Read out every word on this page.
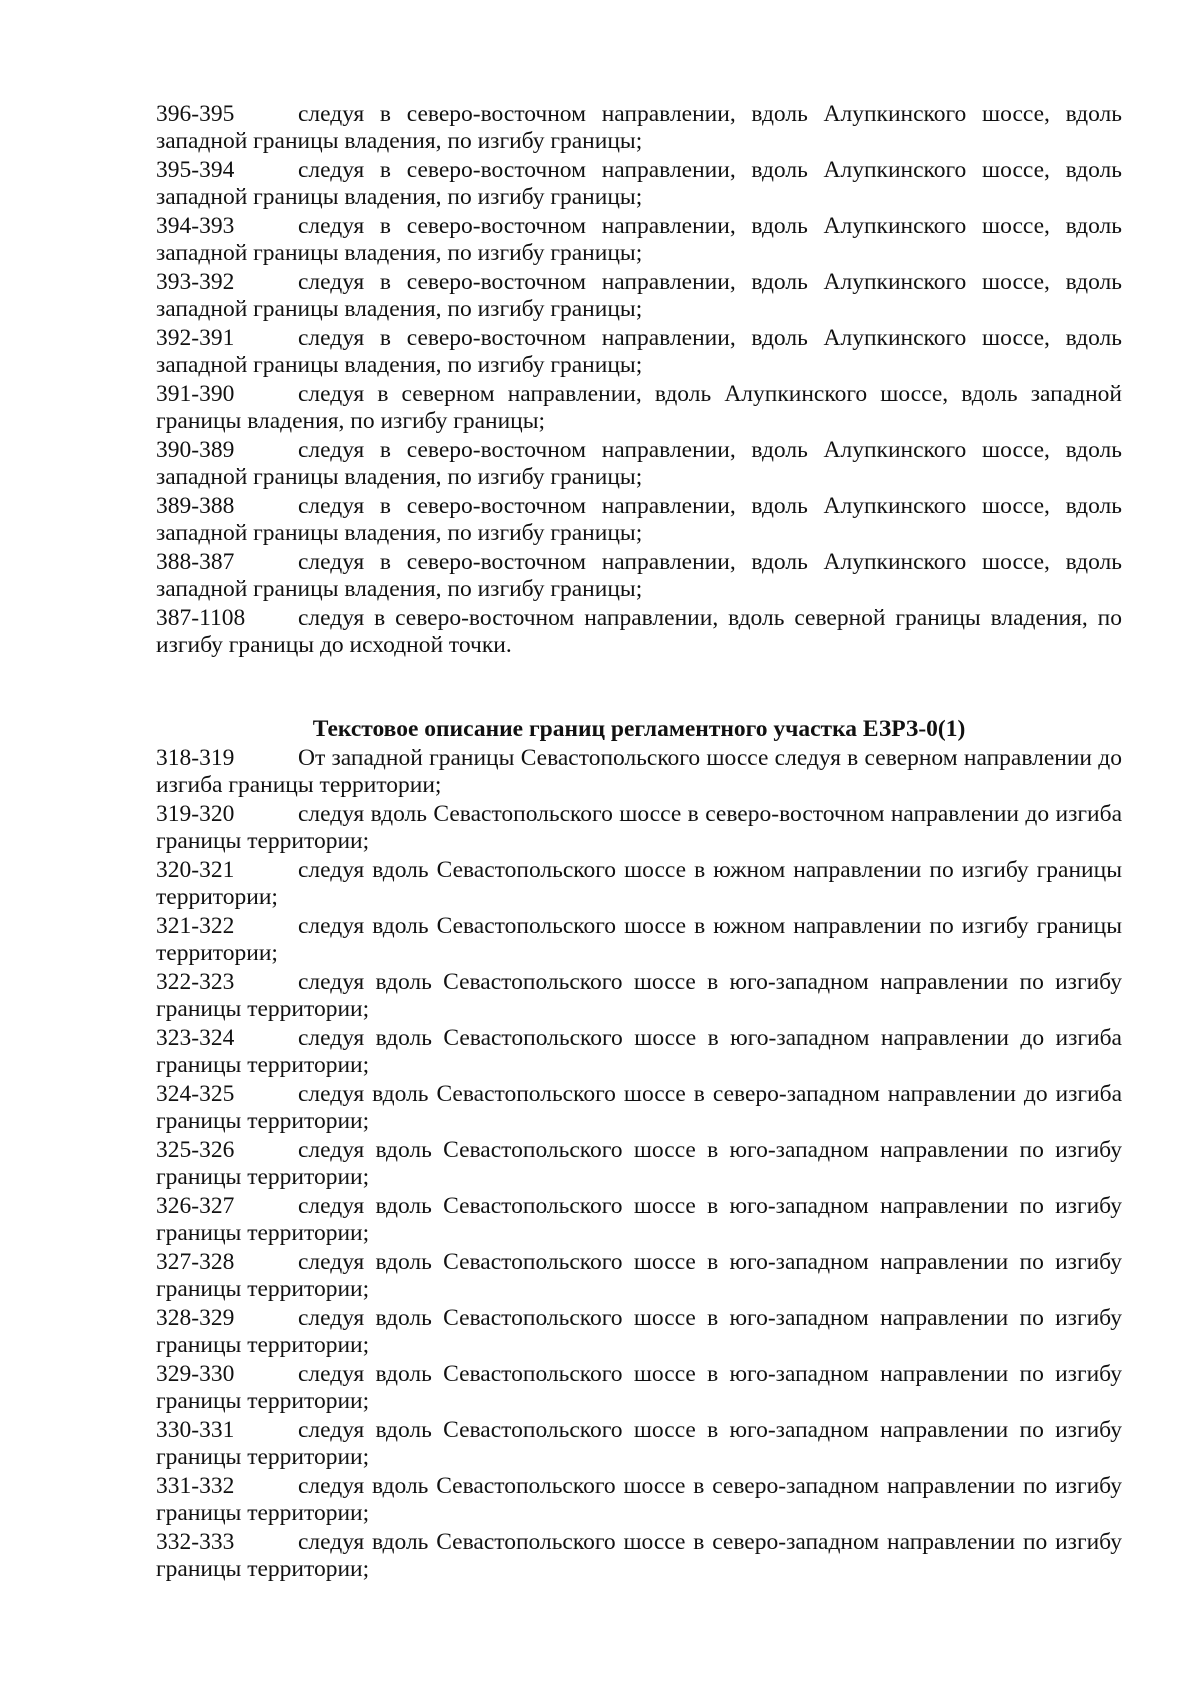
396-395	следуя в северо-восточном направлении, вдоль Алупкинского шоссе, вдоль западной границы владения, по изгибу границы;

395-394	следуя в северо-восточном направлении, вдоль Алупкинского шоссе, вдоль западной границы владения, по изгибу границы;

394-393	следуя в северо-восточном направлении, вдоль Алупкинского шоссе, вдоль западной границы владения, по изгибу границы;

393-392	следуя в северо-восточном направлении, вдоль Алупкинского шоссе, вдоль западной границы владения, по изгибу границы;

392-391	следуя в северо-восточном направлении, вдоль Алупкинского шоссе, вдоль западной границы владения, по изгибу границы;

391-390	следуя в северном направлении, вдоль Алупкинского шоссе, вдоль западной границы владения, по изгибу границы;

390-389	следуя в северо-восточном направлении, вдоль Алупкинского шоссе, вдоль западной границы владения, по изгибу границы;

389-388	следуя в северо-восточном направлении, вдоль Алупкинского шоссе, вдоль западной границы владения, по изгибу границы;

388-387	следуя в северо-восточном направлении, вдоль Алупкинского шоссе, вдоль западной границы владения, по изгибу границы;

387-1108 следуя в северо-восточном направлении, вдоль северной границы владения, по изгибу границы до исходной точки.

Текстовое описание границ регламентного участка ЕЗРЗ-0(1)

318-319	От западной границы Севастопольского шоссе следуя в северном направлении до изгиба границы территории;

319-320	следуя вдоль Севастопольского шоссе в северо-восточном направлении до изгиба границы территории;

320-321	следуя вдоль Севастопольского шоссе в южном направлении по изгибу границы территории;

321-322	следуя вдоль Севастопольского шоссе в южном направлении по изгибу границы территории;

322-323	следуя вдоль Севастопольского шоссе в юго-западном направлении по изгибу границы территории;

323-324	следуя вдоль Севастопольского шоссе в юго-западном направлении до изгиба границы территории;

324-325	следуя вдоль Севастопольского шоссе в северо-западном направлении до изгиба границы территории;

325-326	следуя вдоль Севастопольского шоссе в юго-западном направлении по изгибу границы территории;

326-327	следуя вдоль Севастопольского шоссе в юго-западном направлении по изгибу границы территории;

327-328	следуя вдоль Севастопольского шоссе в юго-западном направлении по изгибу границы территории;

328-329	следуя вдоль Севастопольского шоссе в юго-западном направлении по изгибу границы территории;

329-330	следуя вдоль Севастопольского шоссе в юго-западном направлении по изгибу границы территории;

330-331	следуя вдоль Севастопольского шоссе в юго-западном направлении по изгибу границы территории;

331-332	следуя вдоль Севастопольского шоссе в северо-западном направлении по изгибу границы территории;

332-333	следуя вдоль Севастопольского шоссе в северо-западном направлении по изгибу границы территории;
